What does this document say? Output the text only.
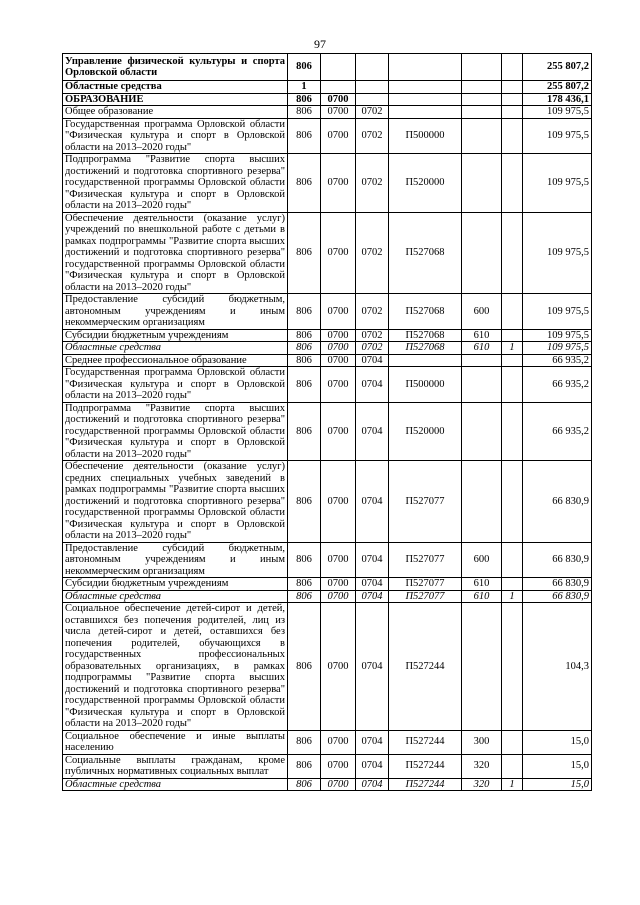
97
Управление физической культуры и спорта Орловской области	806						255 807,2
Областные средства	1						255 807,2
ОБРАЗОВАНИЕ	806	0700					178 436,1
Общее образование	806	0700	0702				109 975,5
Государственная программа Орловской области "Физическая культура и спорт в Орловской области на 2013–2020 годы"	806	0700	0702	П500000			109 975,5
Подпрограмма "Развитие спорта высших достижений и подготовка спортивного резерва" государственной программы Орловской области "Физическая культура и спорт в Орловской области на 2013–2020 годы"	806	0700	0702	П520000			109 975,5
Обеспечение деятельности (оказание услуг) учреждений по внешкольной работе с детьми в рамках подпрограммы "Развитие спорта высших достижений и подготовка спортивного резерва" государственной программы Орловской области "Физическая культура и спорт в Орловской области на 2013–2020 годы"	806	0700	0702	П527068			109 975,5
Предоставление субсидий бюджетным, автономным учреждениям и иным некоммерческим организациям	806	0700	0702	П527068	600		109 975,5
Субсидии бюджетным учреждениям	806	0700	0702	П527068	610		109 975,5
Областные средства	806	0700	0702	П527068	610	1	109 975,5
Среднее профессиональное образование	806	0700	0704				66 935,2
Государственная программа Орловской области "Физическая культура и спорт в Орловской области на 2013–2020 годы"	806	0700	0704	П500000			66 935,2
Подпрограмма "Развитие спорта высших достижений и подготовка спортивного резерва" государственной программы Орловской области "Физическая культура и спорт в Орловской области на 2013–2020 годы"	806	0700	0704	П520000			66 935,2
Обеспечение деятельности (оказание услуг) средних специальных учебных заведений в рамках подпрограммы "Развитие спорта высших достижений и подготовка спортивного резерва" государственной программы Орловской области "Физическая культура и спорт в Орловской области на 2013–2020 годы"	806	0700	0704	П527077			66 830,9
Предоставление субсидий бюджетным, автономным учреждениям и иным некоммерческим организациям	806	0700	0704	П527077	600		66 830,9
Субсидии бюджетным учреждениям	806	0700	0704	П527077	610		66 830,9
Областные средства	806	0700	0704	П527077	610	1	66 830,9
Социальное обеспечение детей-сирот и детей, оставшихся без попечения родителей, лиц из числа детей-сирот и детей, оставшихся без попечения родителей, обучающихся в государственных профессиональных образовательных организациях, в рамках подпрограммы "Развитие спорта высших достижений и подготовка спортивного резерва" государственной программы Орловской области "Физическая культура и спорт в Орловской области на 2013–2020 годы"	806	0700	0704	П527244			104,3
Социальное обеспечение и иные выплаты населению	806	0700	0704	П527244	300		15,0
Социальные выплаты гражданам, кроме публичных нормативных социальных выплат	806	0700	0704	П527244	320		15,0
Областные средства	806	0700	0704	П527244	320	1	15,0
